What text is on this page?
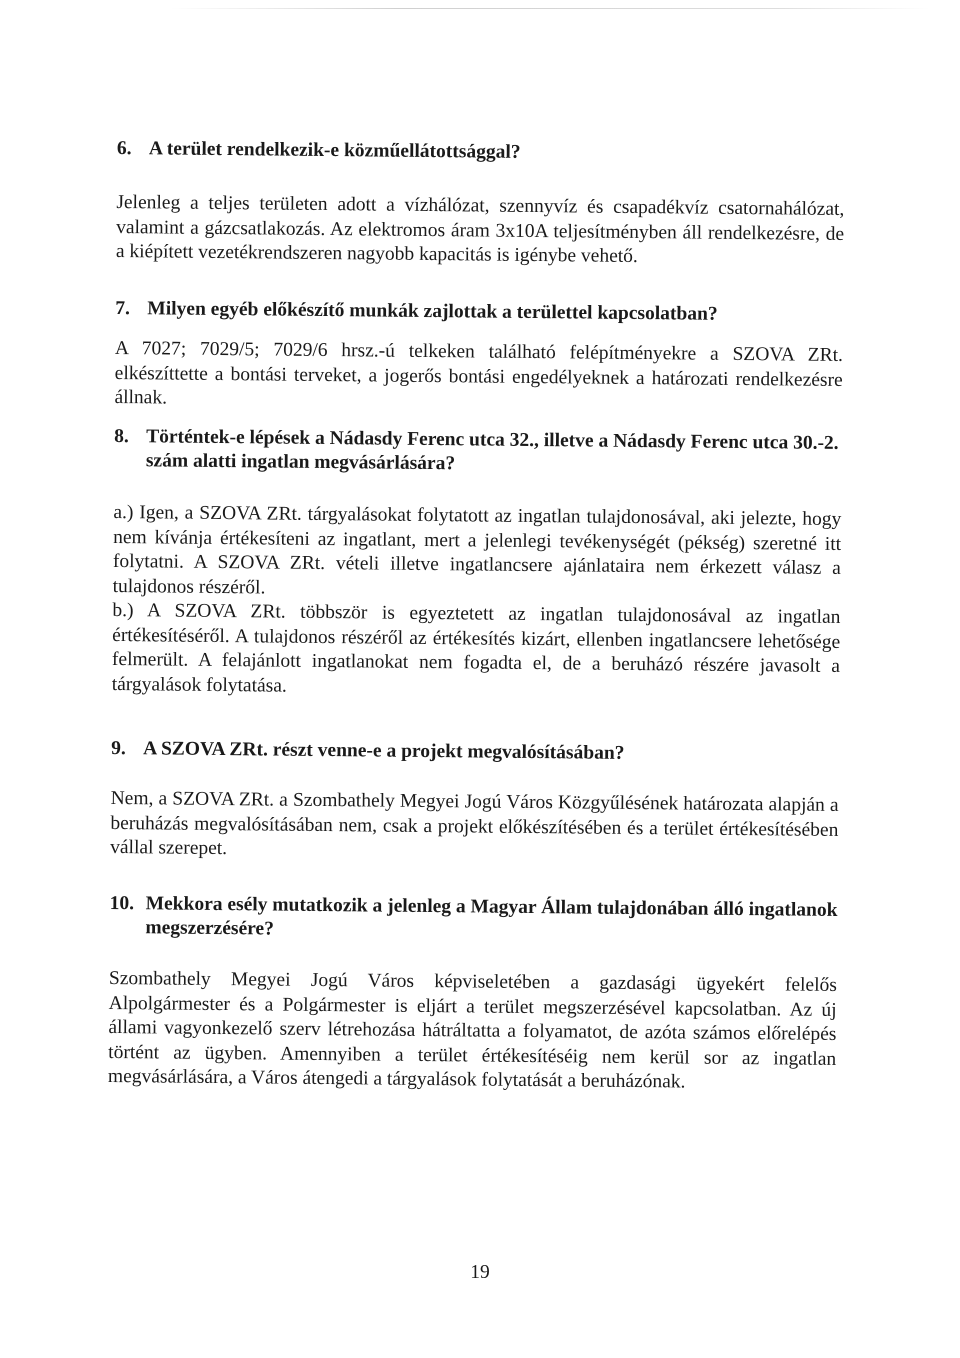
6. A terület rendelkezik-e közműellátottsággal?

Jelenleg a teljes területen adott a vízhálózat, szennyvíz és csapadékvíz csatornahálózat, valamint a gázcsatlakozás. Az elektromos áram 3x10A teljesítményben áll rendelkezésre, de a kiépített vezetékrendszeren nagyobb kapacitás is igénybe vehető.

7. Milyen egyéb előkészítő munkák zajlottak a területtel kapcsolatban?

A 7027; 7029/5; 7029/6 hrsz.-ú telkeken található felépítményekre a SZOVA ZRt. elkészíttette a bontási terveket, a jogerős bontási engedélyeknek a határozati rendelkezésre állnak.

8. Történtek-e lépések a Nádasdy Ferenc utca 32., illetve a Nádasdy Ferenc utca 30.-2. szám alatti ingatlan megvásárlására?

a.) Igen, a SZOVA ZRt. tárgyalásokat folytatott az ingatlan tulajdonosával, aki jelezte, hogy nem kívánja értékesíteni az ingatlant, mert a jelenlegi tevékenységét (pékség) szeretné itt folytatni. A SZOVA ZRt. vételi illetve ingatlancsere ajánlataira nem érkezett válasz a tulajdonos részéről.

b.) A SZOVA ZRt. többször is egyeztetett az ingatlan tulajdonosával az ingatlan értékesítéséről. A tulajdonos részéről az értékesítés kizárt, ellenben ingatlancsere lehetősége felmerült. A felajánlott ingatlanokat nem fogadta el, de a beruházó részére javasolt a tárgyalások folytatása.

9. A SZOVA ZRt. részt venne-e a projekt megvalósításában?

Nem, a SZOVA ZRt. a Szombathely Megyei Jogú Város Közgyűlésének határozata alapján a beruházás megvalósításában nem, csak a projekt előkészítésében és a terület értékesítésében vállal szerepet.

10. Mekkora esély mutatkozik a jelenleg a Magyar Állam tulajdonában álló ingatlanok megszerzésére?

Szombathely Megyei Jogú Város képviseletében a gazdasági ügyekért felelős Alpolgármester és a Polgármester is eljárt a terület megszerzésével kapcsolatban. Az új állami vagyonkezelő szerv létrehozása hátráltatta a folyamatot, de azóta számos előrelépés történt az ügyben. Amennyiben a terület értékesítéséig nem kerül sor az ingatlan megvásárlására, a Város átengedi a tárgyalások folytatását a beruházónak.

19
